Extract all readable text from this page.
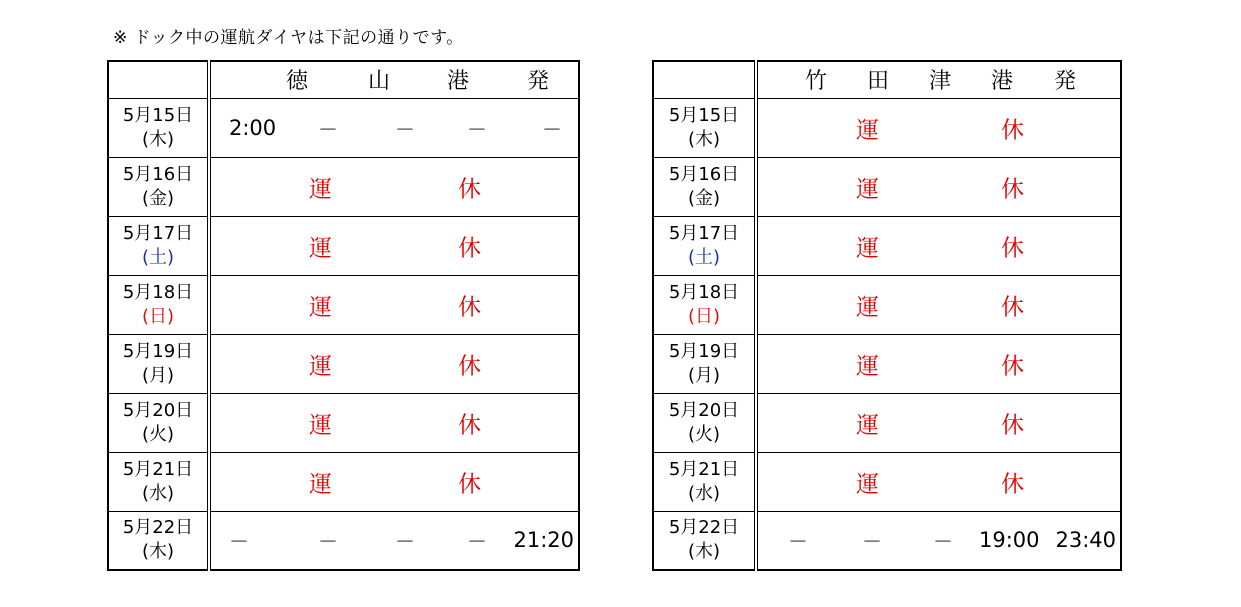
※ ドック中の運航ダイヤは下記の通りです。

徳 山 港 発

5月15日
(木)	2:00 － － － －

5月16日
(金)	運 休

5月17日
(土)	運 休

5月18日
(日)	運 休

5月19日
(月)	運 休

5月20日
(火)	運 休

5月21日
(水)	運 休

5月22日
(木)	－ － － － 21:20

竹 田 津 港 発

5月15日
(木)	運 休

5月16日
(金)	運 休

5月17日
(土)	運 休

5月18日
(日)	運 休

5月19日
(月)	運 休

5月20日
(火)	運 休

5月21日
(水)	運 休

5月22日
(木)	－ － － 19:00 23:40
